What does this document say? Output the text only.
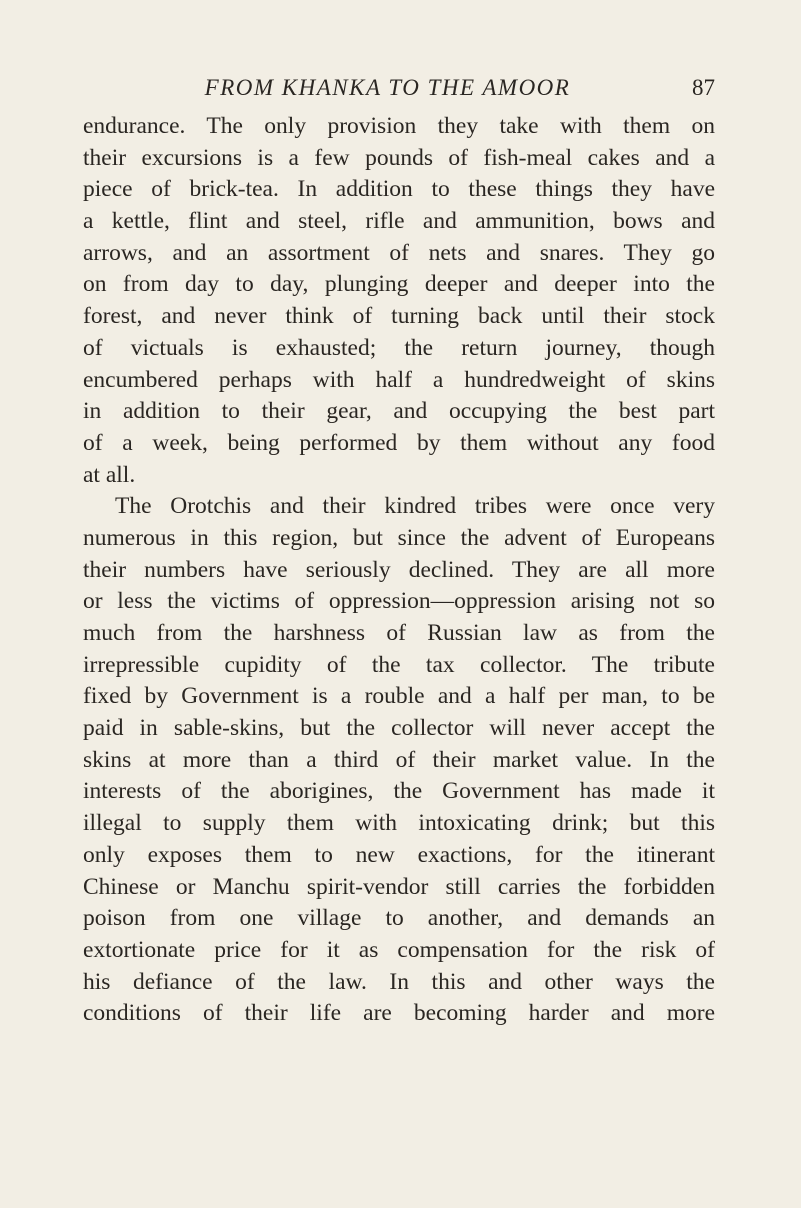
FROM KHANKA TO THE AMOOR	87
endurance. The only provision they take with them on
their excursions is a few pounds of fish-meal cakes and a
piece of brick-tea. In addition to these things they have
a kettle, flint and steel, rifle and ammunition, bows and
arrows, and an assortment of nets and snares. They go
on from day to day, plunging deeper and deeper into the
forest, and never think of turning back until their stock
of victuals is exhausted; the return journey, though
encumbered perhaps with half a hundredweight of skins
in addition to their gear, and occupying the best part
of a week, being performed by them without any food
at all.
The Orotchis and their kindred tribes were once very
numerous in this region, but since the advent of Europeans
their numbers have seriously declined. They are all more
or less the victims of oppression—oppression arising not so
much from the harshness of Russian law as from the
irrepressible cupidity of the tax collector. The tribute
fixed by Government is a rouble and a half per man, to be
paid in sable-skins, but the collector will never accept the
skins at more than a third of their market value. In the
interests of the aborigines, the Government has made it
illegal to supply them with intoxicating drink; but this
only exposes them to new exactions, for the itinerant
Chinese or Manchu spirit-vendor still carries the forbidden
poison from one village to another, and demands an
extortionate price for it as compensation for the risk of
his defiance of the law. In this and other ways the
conditions of their life are becoming harder and more
